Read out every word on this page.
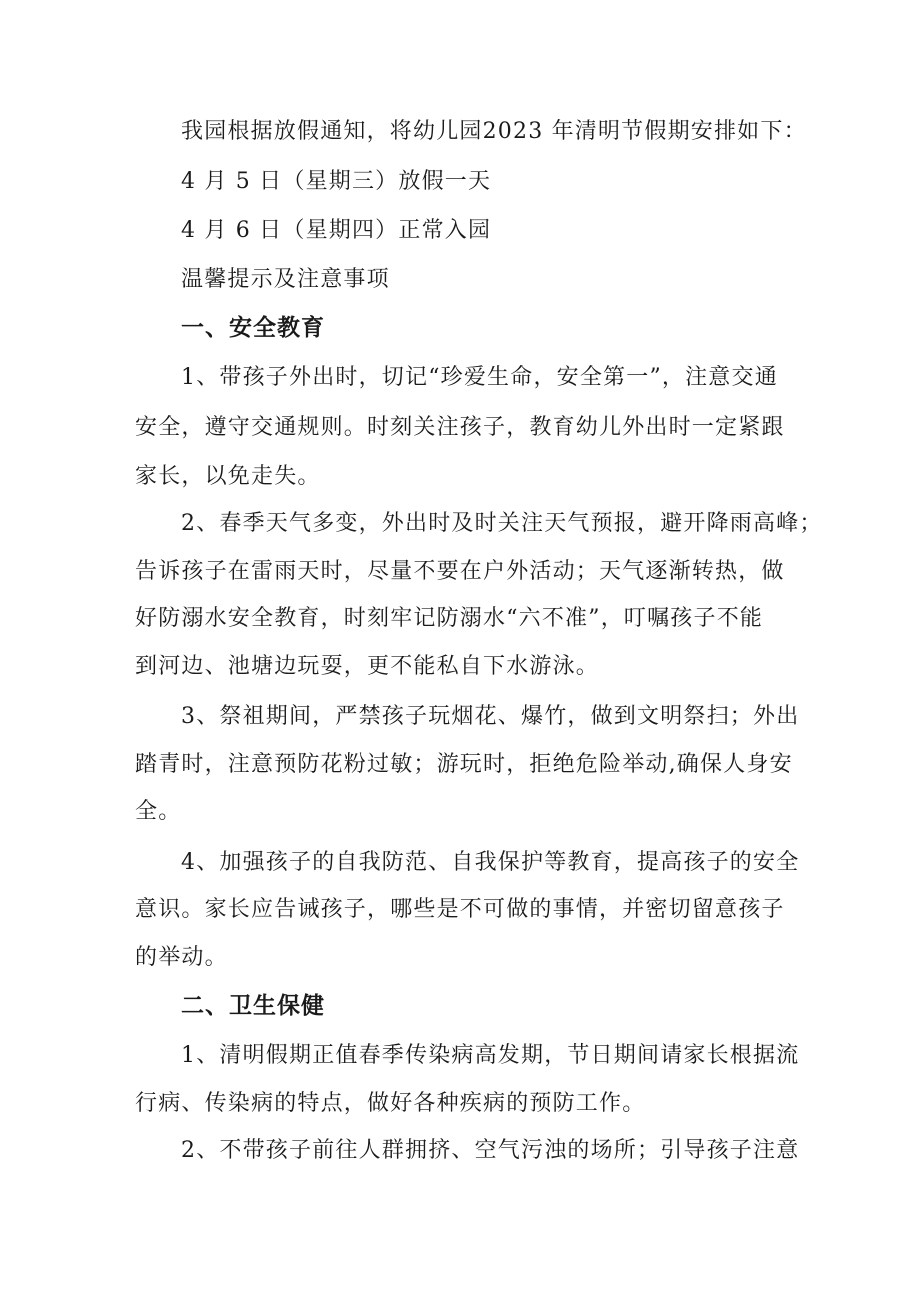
我园根据放假通知，将幼儿园2023 年清明节假期安排如下：
4 月 5 日（星期三）放假一天
4 月 6 日（星期四）正常入园
温馨提示及注意事项
一、安全教育
1、带孩子外出时，切记“珍爱生命，安全第一”，注意交通
安全，遵守交通规则。时刻关注孩子，教育幼儿外出时一定紧跟
家长，以免走失。
2、春季天气多变，外出时及时关注天气预报，避开降雨高峰；
告诉孩子在雷雨天时，尽量不要在户外活动；天气逐渐转热，做
好防溺水安全教育，时刻牢记防溺水“六不准”，叮嘱孩子不能
到河边、池塘边玩耍，更不能私自下水游泳。
3、祭祖期间，严禁孩子玩烟花、爆竹，做到文明祭扫；外出
踏青时，注意预防花粉过敏；游玩时，拒绝危险举动,确保人身安
全。
4、加强孩子的自我防范、自我保护等教育，提高孩子的安全
意识。家长应告诫孩子，哪些是不可做的事情，并密切留意孩子
的举动。
二、卫生保健
1、清明假期正值春季传染病高发期，节日期间请家长根据流
行病、传染病的特点，做好各种疾病的预防工作。
2、不带孩子前往人群拥挤、空气污浊的场所；引导孩子注意
